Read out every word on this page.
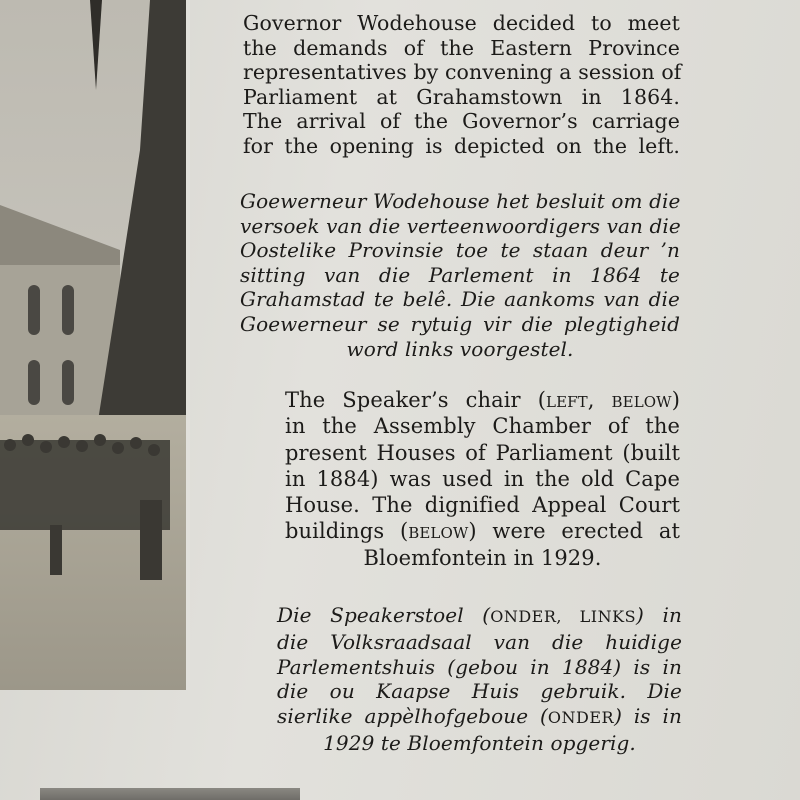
Governor Wodehouse decided to meet
the demands of the Eastern Province
representatives by convening a session of
Parliament at Grahamstown in 1864.
The arrival of the Governor’s carriage
for the opening is depicted on the left.
Goewerneur Wodehouse het besluit om die
versoek van die verteenwoordigers van die
Oostelike Provinsie toe te staan deur ’n
sitting van die Parlement in 1864 te
Grahamstad te belê. Die aankoms van die
Goewerneur se rytuig vir die plegtigheid
word links voorgestel.
The Speaker’s chair (left, below)
in the Assembly Chamber of the
present Houses of Parliament (built
in 1884) was used in the old Cape
House. The dignified Appeal Court
buildings (below) were erected at
Bloemfontein in 1929.
Die Speakerstoel (ONDER, LINKS) in
die Volksraadsaal van die huidige
Parlementshuis (gebou in 1884) is in
die ou Kaapse Huis gebruik. Die
sierlike appèlhofgeboue (ONDER) is in
1929 te Bloemfontein opgerig.
